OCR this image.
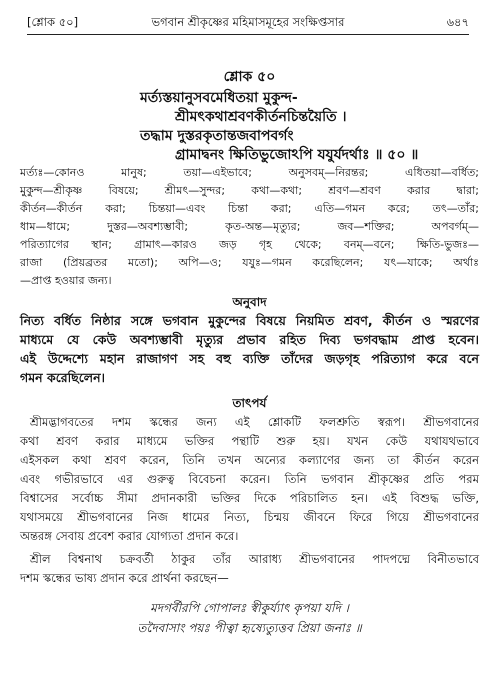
[শ্লোক ৫০]	ভগবান শ্রীকৃষ্ণের মহিমাসমূহের সংক্ষিপ্তসার	৬৪৭
শ্লোক ৫০
মর্ত্যস্তয়ানুসবমেধিতয়া মুকুন্দ-
শ্রীমৎকথাশ্রবণকীর্তনচিন্তয়ৈতি ।
তদ্ধাম দুস্তরকৃতান্তজবাপবর্গং
গ্রামাদ্বনং ক্ষিতিভুজোঽপি যযুর্যদর্থাঃ ॥ ৫০ ॥
মর্ত্যঃ—কোনও মানুষ; তয়া—এইভাবে; অনুসবম্—নিরন্তর; এধিতয়া—বর্ধিত;
মুকুন্দ—শ্রীকৃষ্ণ বিষয়ে; শ্রীমৎ—সুন্দর; কথা—কথা; শ্রবণ—শ্রবণ করার দ্বারা;
কীর্তন—কীর্তন করা; চিন্তয়া—এবং চিন্তা করা; এতি—গমন করে; তৎ—তাঁর;
ধাম—ধামে; দুস্তর—অবশ্যম্ভাবী; কৃত-অন্ত—মৃত্যুর; জব—শক্তির; অপবর্গম্—
পরিত্যাগের স্থান; গ্রামাৎ—কারও জড় গৃহ থেকে; বনম্—বনে; ক্ষিতি-ভুজঃ—
রাজা (প্রিয়ব্রতর মতো); অপি—ও; যযুঃ—গমন করেছিলেন; যৎ—যাকে; অর্থাঃ
—প্রাপ্ত হওয়ার জন্য।
অনুবাদ
নিত্য বর্ধিত নিষ্ঠার সঙ্গে ভগবান মুকুন্দের বিষয়ে নিয়মিত শ্রবণ, কীর্তন ও স্মরণের
মাধ্যমে যে কেউ অবশ্যম্ভাবী মৃত্যুর প্রভাব রহিত দিব্য ভগবদ্ধাম প্রাপ্ত হবেন।
এই উদ্দেশ্যে মহান রাজাগণ সহ বহু ব্যক্তি তাঁদের জড়গৃহ পরিত্যাগ করে বনে
গমন করেছিলেন।
তাৎপর্য
শ্রীমদ্ভাগবতের দশম স্কন্ধের জন্য এই শ্লোকটি ফলশ্রুতি স্বরূপ। শ্রীভগবানের
কথা শ্রবণ করার মাধ্যমে ভক্তির পন্থাটি শুরু হয়। যখন কেউ যথাযথভাবে
এইসকল কথা শ্রবণ করেন, তিনি তখন অন্যের কল্যাণের জন্য তা কীর্তন করেন
এবং গভীরভাবে এর গুরুত্ব বিবেচনা করেন। তিনি ভগবান শ্রীকৃষ্ণের প্রতি পরম
বিশ্বাসের সর্বোচ্চ সীমা প্রদানকারী ভক্তির দিকে পরিচালিত হন। এই বিশুদ্ধ ভক্তি,
যথাসময়ে শ্রীভগবানের নিজ ধামের নিত্য, চিন্ময় জীবনে ফিরে গিয়ে শ্রীভগবানের
অন্তরঙ্গ সেবায় প্রবেশ করার যোগ্যতা প্রদান করে।
শ্রীল বিশ্বনাথ চক্রবর্তী ঠাকুর তাঁর আরাধ্য শ্রীভগবানের পাদপদ্মে বিনীতভাবে
দশম স্কন্ধের ভাষ্য প্রদান করে প্রার্থনা করছেন—
মদগর্বীরপি গোপালঃ স্বীকুর্য্যাৎ কৃপয়া যদি ।
তদৈবাসাং পয়ঃ পীত্বা হৃষ্যেত্যুত্তব প্রিয়া জনাঃ ॥
